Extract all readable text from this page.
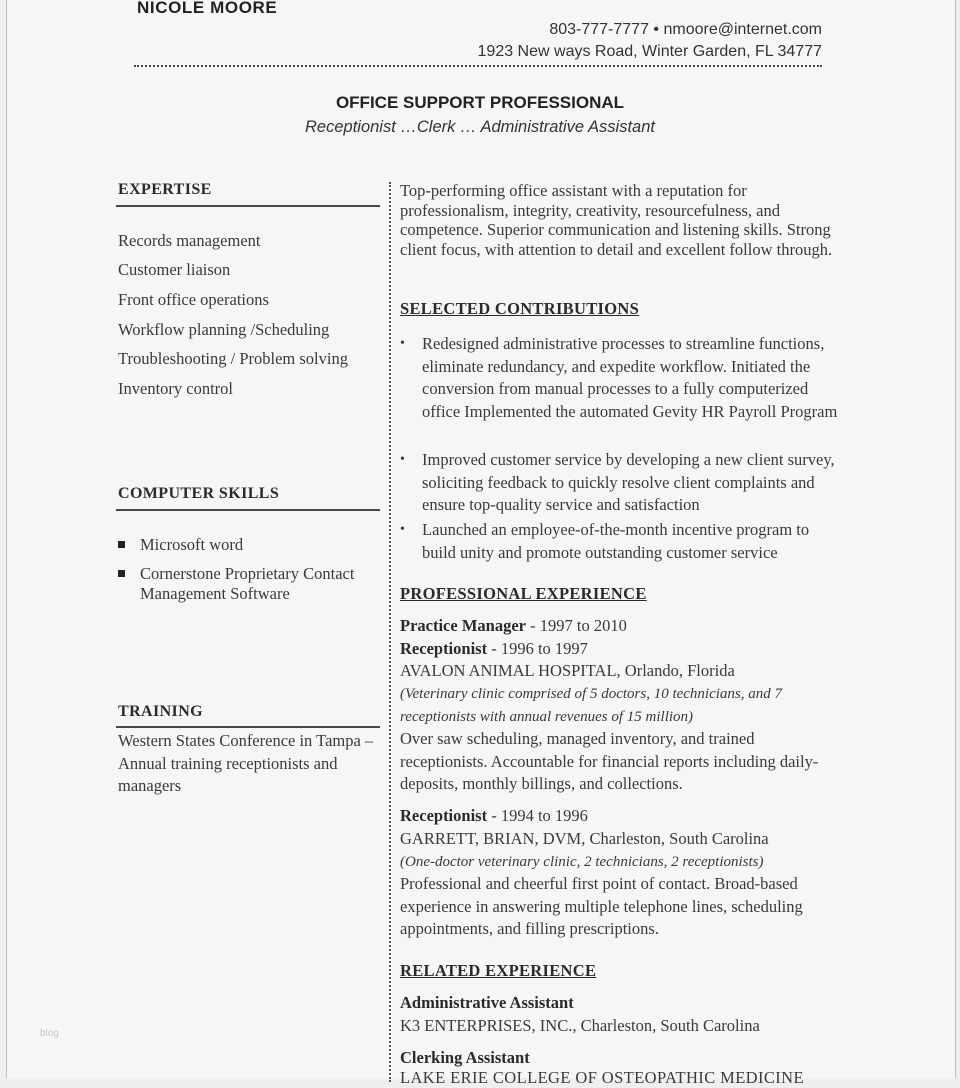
NICOLE MOORE
803-777-7777 • nmoore@internet.com
1923 New ways Road, Winter Garden, FL 34777
OFFICE SUPPORT PROFESSIONAL
Receptionist …Clerk … Administrative Assistant
EXPERTISE
Records management
Customer liaison
Front office operations
Workflow planning /Scheduling
Troubleshooting / Problem solving
Inventory control
COMPUTER SKILLS
Microsoft word
Cornerstone Proprietary Contact Management Software
TRAINING
Western States Conference in Tampa – Annual training receptionists and managers
Top-performing office assistant with a reputation for professionalism, integrity, creativity, resourcefulness, and competence. Superior communication and listening skills. Strong client focus, with attention to detail and excellent follow through.
SELECTED CONTRIBUTIONS
• Redesigned administrative processes to streamline functions, eliminate redundancy, and expedite workflow. Initiated the conversion from manual processes to a fully computerized office Implemented the automated Gevity HR Payroll Program
• Improved customer service by developing a new client survey, soliciting feedback to quickly resolve client complaints and ensure top-quality service and satisfaction
• Launched an employee-of-the-month incentive program to build unity and promote outstanding customer service
PROFESSIONAL EXPERIENCE
Practice Manager - 1997 to 2010
Receptionist - 1996 to 1997
AVALON ANIMAL HOSPITAL, Orlando, Florida
(Veterinary clinic comprised of 5 doctors, 10 technicians, and 7 receptionists with annual revenues of 15 million)
Over saw scheduling, managed inventory, and trained receptionists. Accountable for financial reports including daily-deposits, monthly billings, and collections.
Receptionist - 1994 to 1996
GARRETT, BRIAN, DVM, Charleston, South Carolina
(One-doctor veterinary clinic, 2 technicians, 2 receptionists)
Professional and cheerful first point of contact. Broad-based experience in answering multiple telephone lines, scheduling appointments, and filling prescriptions.
RELATED EXPERIENCE
Administrative Assistant
K3 ENTERPRISES, INC., Charleston, South Carolina
Clerking Assistant
LAKE ERIE COLLEGE OF OSTEOPATHIC MEDICINE
blog
